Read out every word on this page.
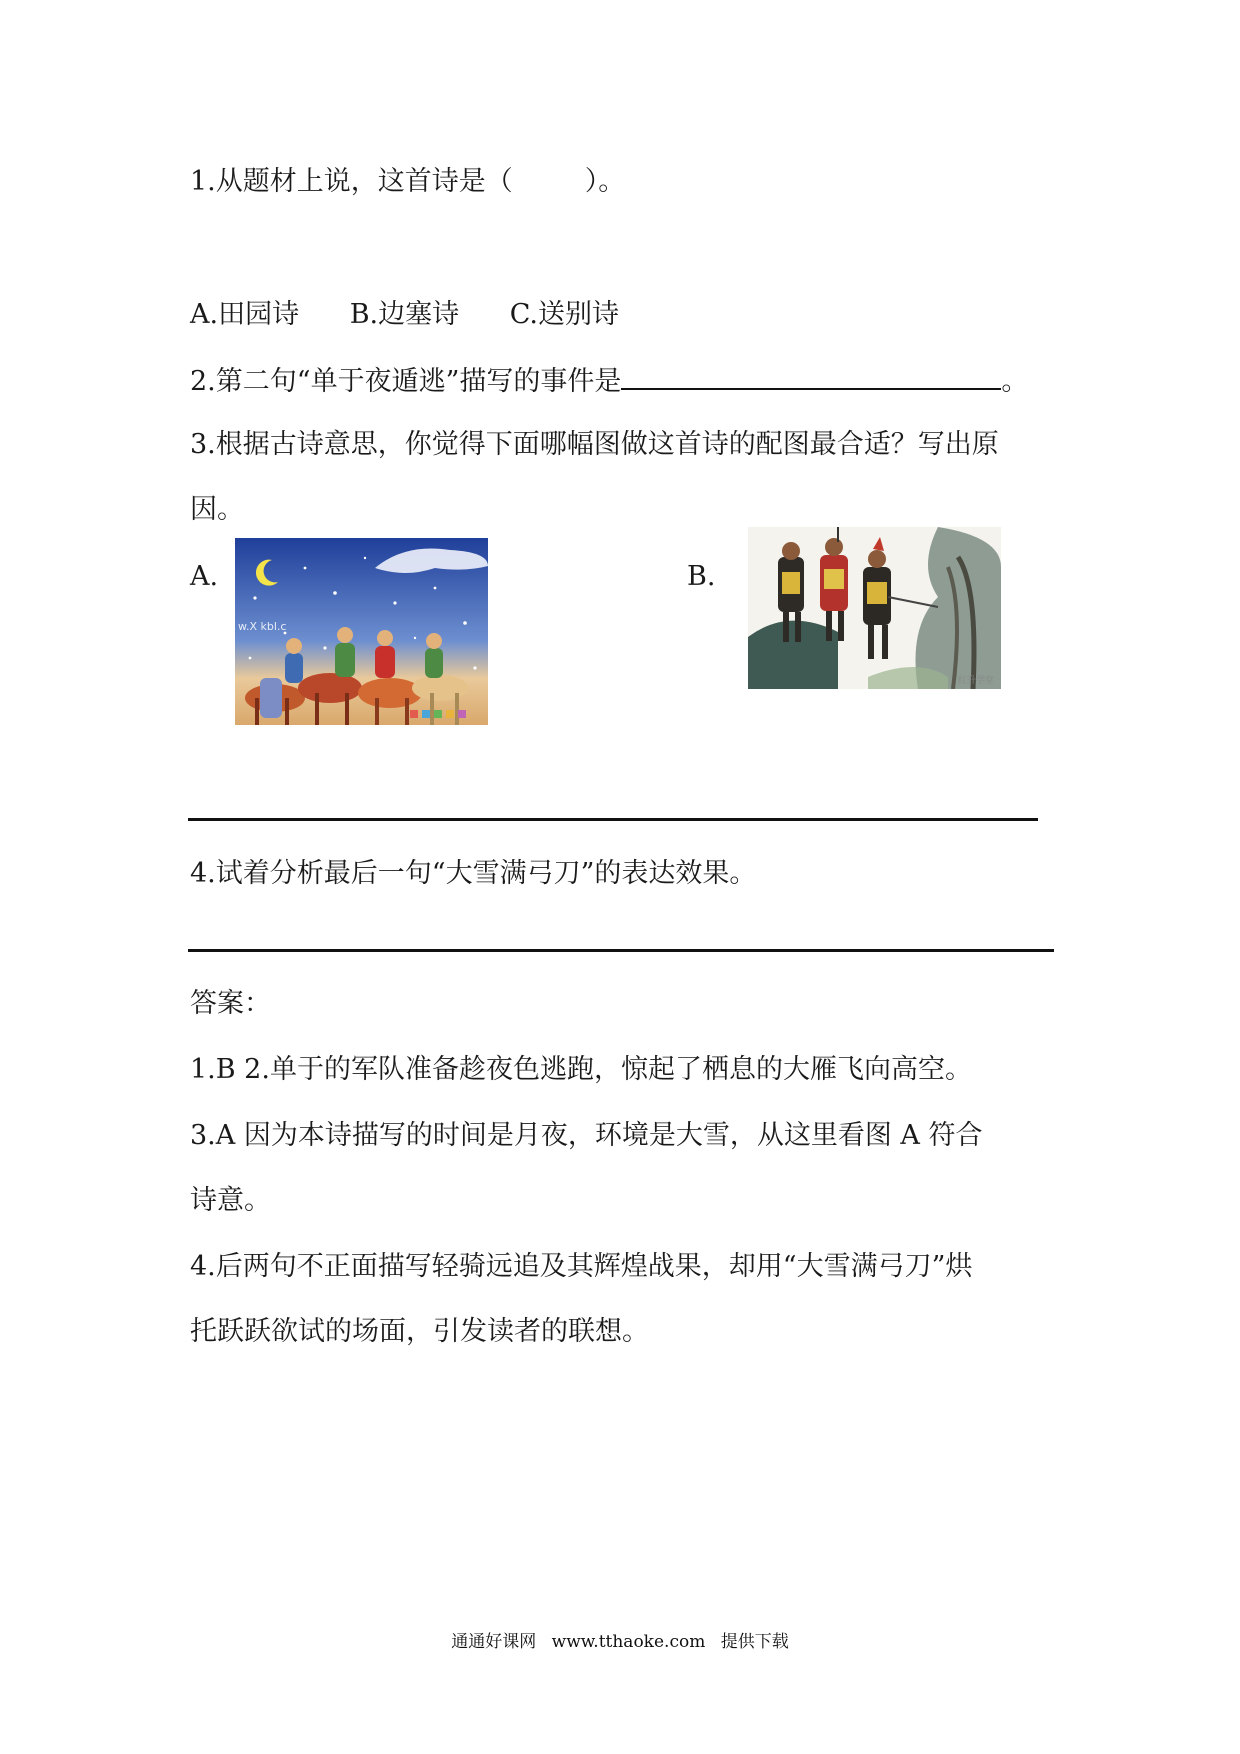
1.从题材上说，这首诗是（	）。
A.田园诗 B.边塞诗 C.送别诗
2.第二句“单于夜遁逃”描写的事件是	。
3.根据古诗意思，你觉得下面哪幅图做这首诗的配图最合适？写出原
因。
A.
w.X kbl.c
B.
红升学堂
4.试着分析最后一句“大雪满弓刀”的表达效果。
答案：
1.B 2.单于的军队准备趁夜色逃跑，惊起了栖息的大雁飞向高空。
3.A 因为本诗描写的时间是月夜，环境是大雪，从这里看图 A 符合
诗意。
4.后两句不正面描写轻骑远追及其辉煌战果，却用“大雪满弓刀”烘
托跃跃欲试的场面，引发读者的联想。
通通好课网 www.tthaoke.com 提供下载
